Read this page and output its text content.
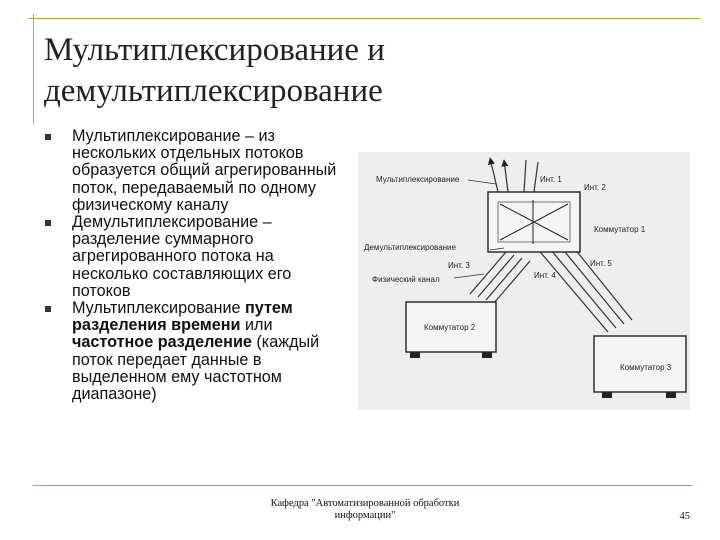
Мультиплексирование и
демультиплексирование
Мультиплексирование – из нескольких отдельных потоков образуется общий агрегированный поток, передаваемый по одному физическому каналу
Демультиплексирование – разделение суммарного агрегированного потока на несколько составляющих его потоков
Мультиплексирование путем разделения времени или частотное разделение (каждый поток передает данные в выделенном ему частотном диапазоне)
Мультиплексирование	Инт. 1
Инт. 2
Коммутатор 1
Демультиплексирование
Инт. 3
Инт. 4
Инт. 5
Физический канал
Коммутатор 2
Коммутатор 3
Кафедра "Автоматизированной обработки
информации"	45
